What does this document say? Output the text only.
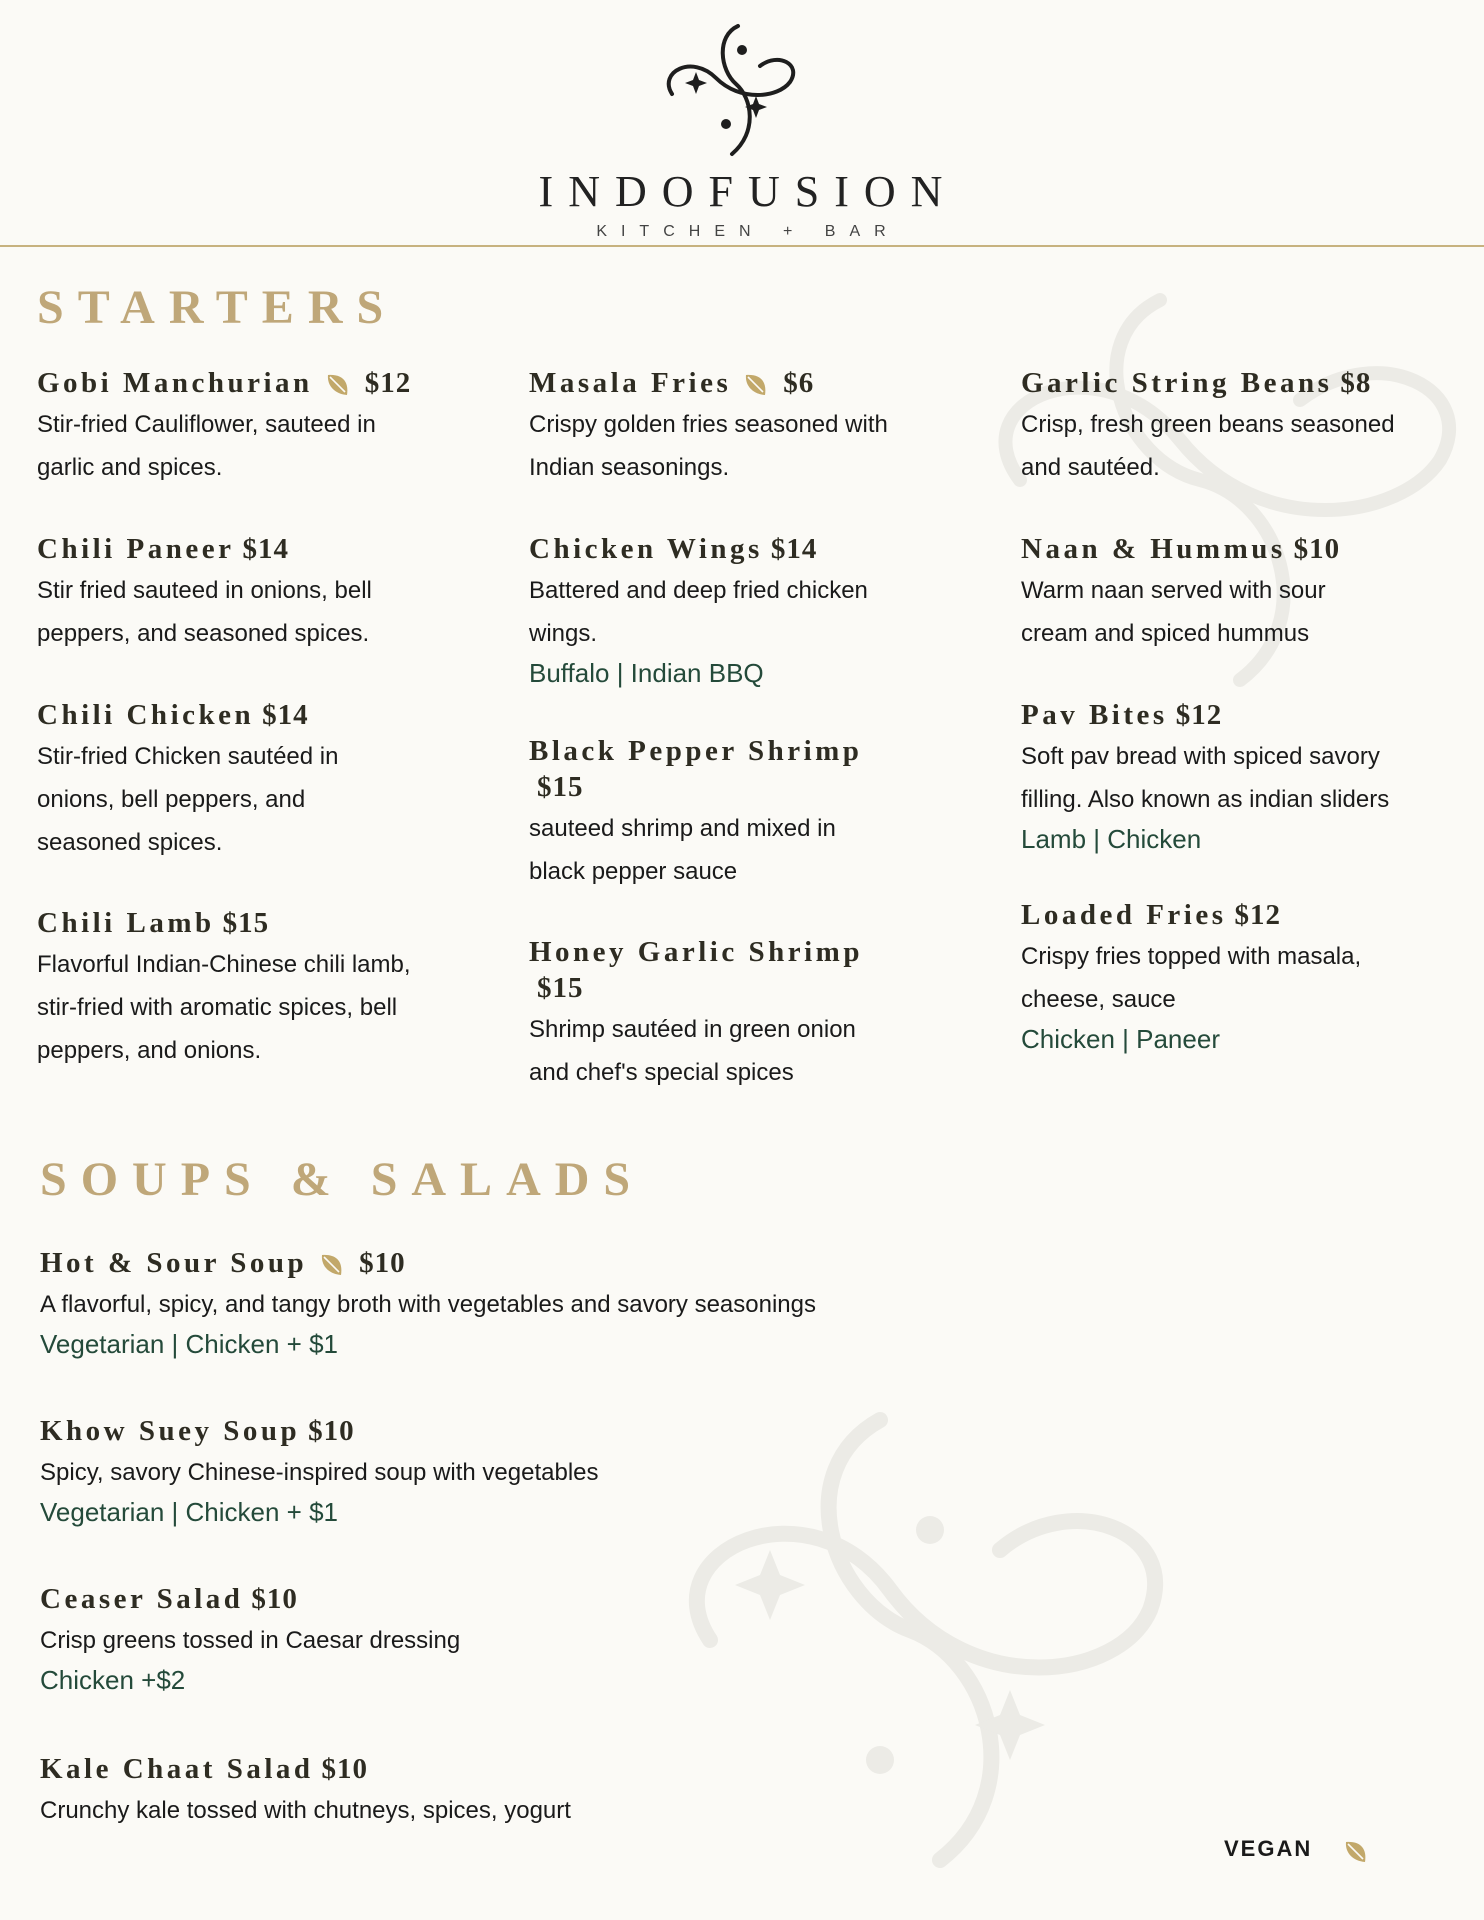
INDOFUSION
KITCHEN + BAR
STARTERS
Gobi Manchurian $12
Stir-fried Cauliflower, sauteed in
garlic and spices.
Chili Paneer $14
Stir fried sauteed in onions, bell
peppers, and seasoned spices.
Chili Chicken $14
Stir-fried Chicken sautéed in
onions, bell peppers, and
seasoned spices.
Chili Lamb $15
Flavorful Indian-Chinese chili lamb,
stir-fried with aromatic spices, bell
peppers, and onions.
Masala Fries $6
Crispy golden fries seasoned with
Indian seasonings.
Chicken Wings $14
Battered and deep fried chicken
wings.
Buffalo | Indian BBQ
Black Pepper Shrimp
$15
sauteed shrimp and mixed in
black pepper sauce
Honey Garlic Shrimp
$15
Shrimp sautéed in green onion
and chef's special spices
Garlic String Beans $8
Crisp, fresh green beans seasoned
and sautéed.
Naan & Hummus $10
Warm naan served with sour
cream and spiced hummus
Pav Bites $12
Soft pav bread with spiced savory
filling. Also known as indian sliders
Lamb | Chicken
Loaded Fries $12
Crispy fries topped with masala,
cheese, sauce
Chicken | Paneer
SOUPS & SALADS
Hot & Sour Soup $10
A flavorful, spicy, and tangy broth with vegetables and savory seasonings
Vegetarian | Chicken + $1
Khow Suey Soup $10
Spicy, savory Chinese-inspired soup with vegetables
Vegetarian | Chicken + $1
Ceaser Salad $10
Crisp greens tossed in Caesar dressing
Chicken +$2
Kale Chaat Salad $10
Crunchy kale tossed with chutneys, spices, yogurt
VEGAN
